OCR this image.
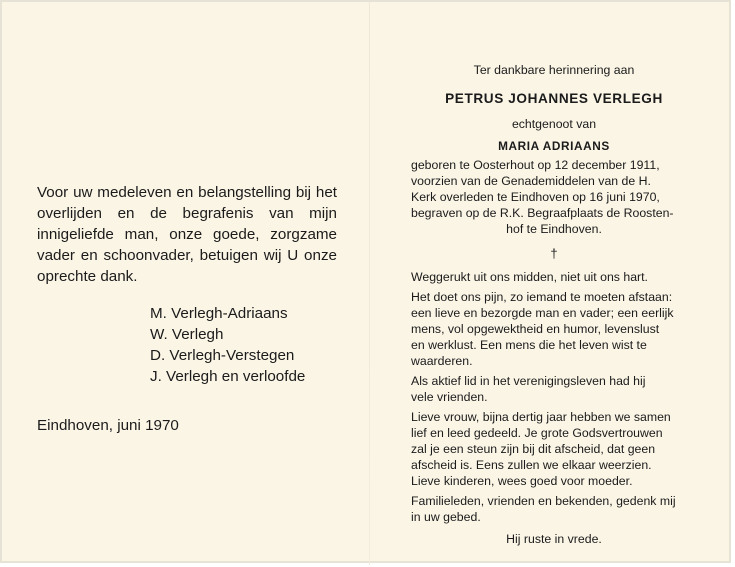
Voor uw medeleven en belangstelling bij het overlijden en de begrafenis van mijn innigeliefde man, onze goede, zorgzame vader en schoonvader, betuigen wij U onze oprechte dank.

M. Verlegh-Adriaans
W. Verlegh
D. Verlegh-Verstegen
J. Verlegh en verloofde
Eindhoven, juni 1970

Ter dankbare herinnering aan

PETRUS JOHANNES VERLEGH

echtgenoot van

MARIA ADRIAANS

geboren te Oosterhout op 12 december 1911,
voorzien van de Genademiddelen van de H.
Kerk overleden te Eindhoven op 16 juni 1970,
begraven op de R.K. Begraafplaats de Roosten-
hof te Eindhoven.

†

Weggerukt uit ons midden, niet uit ons hart.

Het doet ons pijn, zo iemand te moeten afstaan:
een lieve en bezorgde man en vader; een eerlijk
mens, vol opgewektheid en humor, levenslust
en werklust. Een mens die het leven wist te
waarderen.

Als aktief lid in het verenigingsleven had hij
vele vrienden.

Lieve vrouw, bijna dertig jaar hebben we samen
lief en leed gedeeld. Je grote Godsvertrouwen
zal je een steun zijn bij dit afscheid, dat geen
afscheid is. Eens zullen we elkaar weerzien.
Lieve kinderen, wees goed voor moeder.

Familieleden, vrienden en bekenden, gedenk mij
in uw gebed.

Hij ruste in vrede.
